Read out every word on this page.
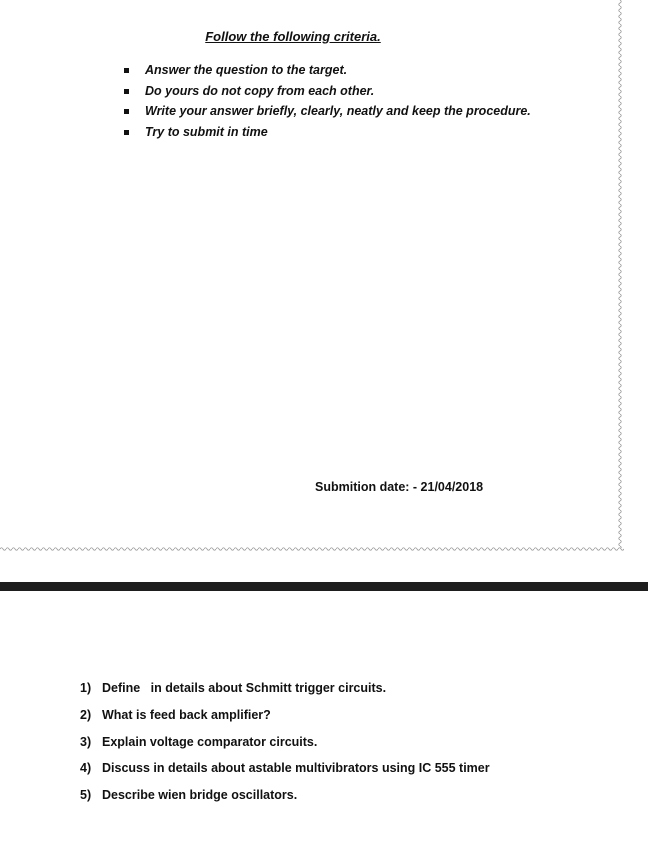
Follow the following criteria.
Answer the question to the target.
Do yours do not copy from each other.
Write your answer briefly, clearly, neatly and keep the procedure.
Try to submit in time
Submition date: - 21/04/2018
1) Define   in details about Schmitt trigger circuits.
2) What is feed back amplifier?
3) Explain voltage comparator circuits.
4) Discuss in details about astable multivibrators using IC 555 timer
5) Describe wien bridge oscillators.
